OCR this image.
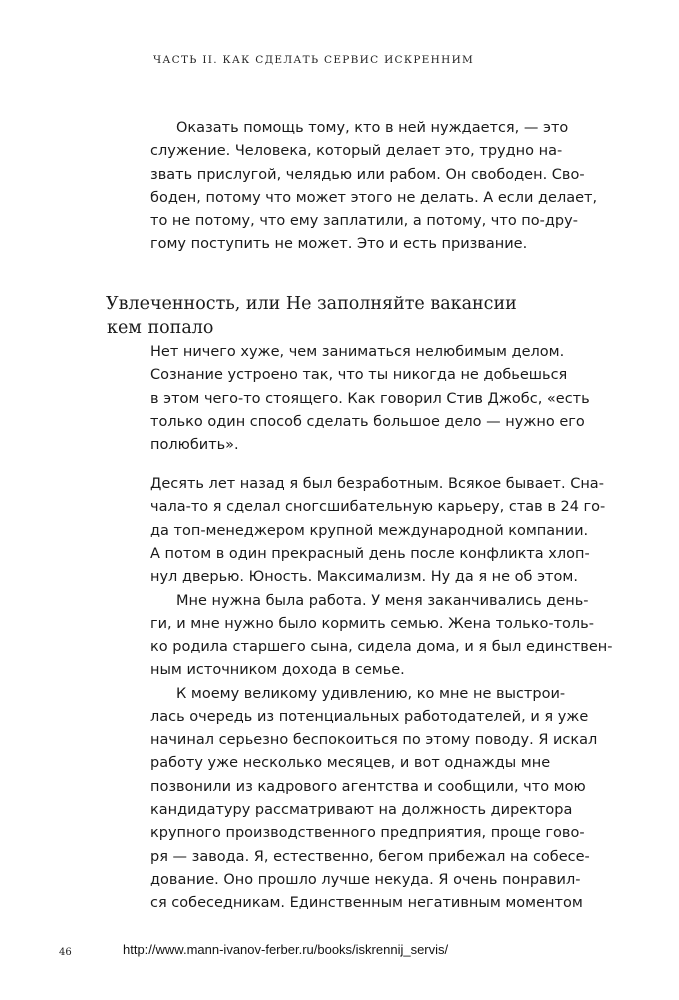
ЧАСТЬ II. КАК СДЕЛАТЬ СЕРВИС ИСКРЕННИМ
Оказать помощь тому, кто в ней нуждается, — это
служение. Человека, который делает это, трудно на-
звать прислугой, челядью или рабом. Он свободен. Сво-
боден, потому что может этого не делать. А если делает,
то не потому, что ему заплатили, а потому, что по-дру-
гому поступить не может. Это и есть призвание.
Увлеченность, или Не заполняйте вакансии
кем попало
Нет ничего хуже, чем заниматься нелюбимым делом.
Сознание устроено так, что ты никогда не добьешься
в этом чего-то стоящего. Как говорил Стив Джобс, «есть
только один способ сделать большое дело — нужно его
полюбить».
Десять лет назад я был безработным. Всякое бывает. Сна-
чала-то я сделал сногсшибательную карьеру, став в 24 го-
да топ-менеджером крупной международной компании.
А потом в один прекрасный день после конфликта хлоп-
нул дверью. Юность. Максимализм. Ну да я не об этом.
Мне нужна была работа. У меня заканчивались день-
ги, и мне нужно было кормить семью. Жена только-толь-
ко родила старшего сына, сидела дома, и я был единствен-
ным источником дохода в семье.
К моему великому удивлению, ко мне не выстрои-
лась очередь из потенциальных работодателей, и я уже
начинал серьезно беспокоиться по этому поводу. Я искал
работу уже несколько месяцев, и вот однажды мне
позвонили из кадрового агентства и сообщили, что мою
кандидатуру рассматривают на должность директора
крупного производственного предприятия, проще гово-
ря — завода. Я, естественно, бегом прибежал на собесе-
дование. Оно прошло лучше некуда. Я очень понравил-
ся собеседникам. Единственным негативным моментом
46	http://www.mann-ivanov-ferber.ru/books/iskrennij_servis/
